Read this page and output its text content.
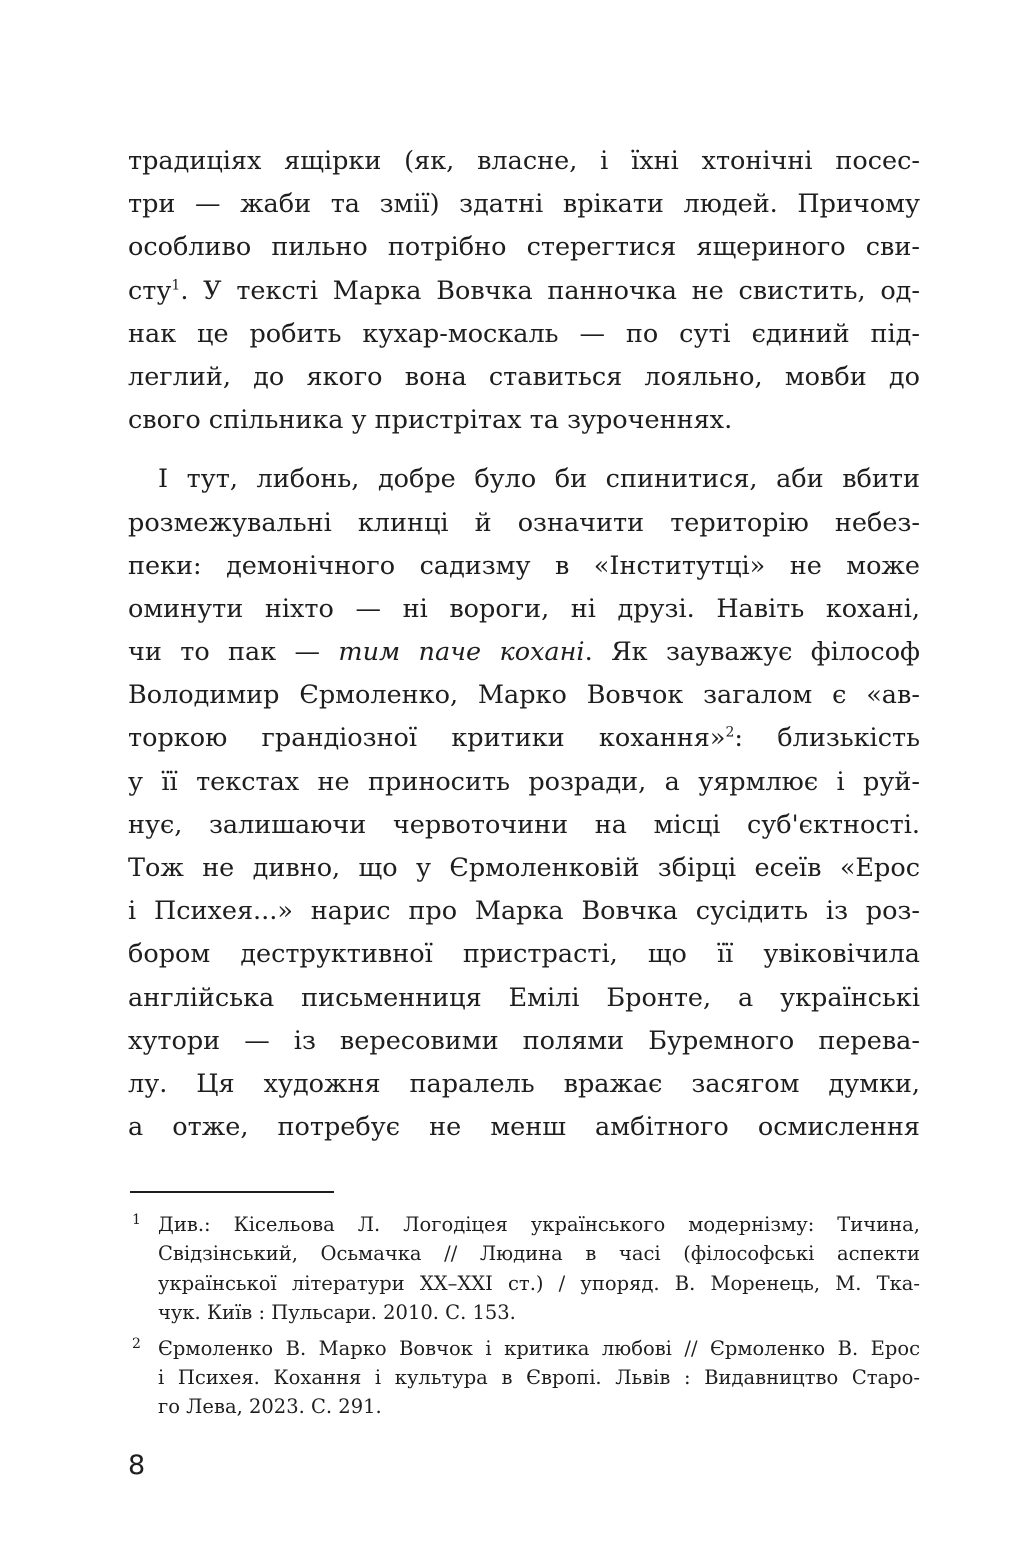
традиціях ящірки (як, власне, і їхні хтонічні посес-
три — жаби та змії) здатні врікати людей. Причому
особливо пильно потрібно стерегтися ящериного сви-
сту$^1$. У тексті Марка Вовчка панночка не свистить, од-
нак це робить кухар-москаль — по суті єдиний під-
леглий, до якого вона ставиться лояльно, мовби до
свого спільника у пристрітах та зуроченнях.
І тут, либонь, добре було би спинитися, аби вбити
розмежувальні клинці й означити територію небез-
пеки: демонічного садизму в «Інститутці» не може
оминути ніхто — ні вороги, ні друзі. Навіть кохані,
чи то пак — тим паче кохані. Як зауважує філософ
Володимир Єрмоленко, Марко Вовчок загалом є «ав-
торкою грандіозної критики кохання»$^2$: близькість
у її текстах не приносить розради, а уярмлює і руй-
нує, залишаючи червоточини на місці суб'єктності.
Тож не дивно, що у Єрмоленковій збірці есеїв «Ерос
і Психея...» нарис про Марка Вовчка сусідить із роз-
бором деструктивної пристрасті, що її увіковічила
англійська письменниця Емілі Бронте, а українські
хутори — із вересовими полями Буремного перева-
лу. Ця художня паралель вражає засягом думки,
а отже, потребує не менш амбітного осмислення
1 Див.: Кісельова Л. Логодіцея українського модернізму: Тичина,
Свідзінський, Осьмачка // Людина в часі (філософські аспекти
української літератури XX–XXI ст.) / упоряд. В. Моренець, М. Тка-
чук. Київ : Пульсари. 2010. С. 153.
2 Єрмоленко В. Марко Вовчок і критика любові // Єрмоленко В. Ерос
і Психея. Кохання і культура в Європі. Львів : Видавництво Старо-
го Лева, 2023. С. 291.
8
